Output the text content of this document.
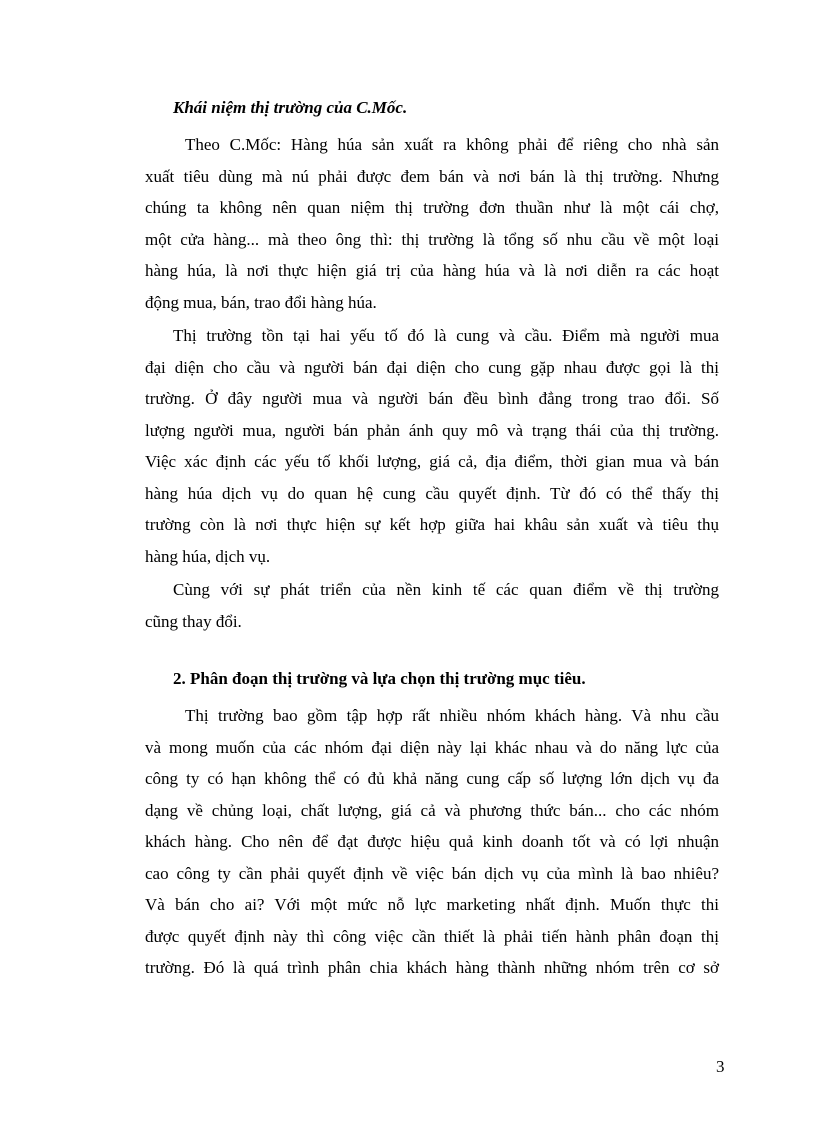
Khái niệm thị trường của C.Mốc.

Theo C.Mốc: Hàng húa sản xuất ra không phải để riêng cho nhà sản
xuất tiêu dùng mà nú phải được đem bán và nơi bán là thị trường. Nhưng
chúng ta không nên quan niệm thị trường đơn thuần như là một cái chợ,
một cửa hàng... mà theo ông thì: thị trường là tổng số nhu cầu về một loại
hàng húa, là nơi thực hiện giá trị của hàng húa và là nơi diễn ra các hoạt
động mua, bán, trao đổi hàng húa.

Thị trường tồn tại hai yếu tố đó là cung và cầu. Điểm mà người mua
đại diện cho cầu và người bán đại diện cho cung gặp nhau được gọi là thị
trường. Ở đây người mua và người bán đều bình đẳng trong trao đổi. Số
lượng người mua, người bán phản ánh quy mô và trạng thái của thị trường.
Việc xác định các yếu tố khối lượng, giá cả, địa điểm, thời gian mua và bán
hàng húa dịch vụ do quan hệ cung cầu quyết định. Từ đó có thể thấy thị
trường còn là nơi thực hiện sự kết hợp giữa hai khâu sản xuất và tiêu thụ
hàng húa, dịch vụ.

Cùng với sự phát triển của nền kinh tế các quan điểm về thị trường
cũng thay đổi.

2. Phân đoạn thị trường và lựa chọn thị trường mục tiêu.

Thị trường bao gồm tập hợp rất nhiều nhóm khách hàng. Và nhu cầu
và mong muốn của các nhóm đại diện này lại khác nhau và do năng lực của
công ty có hạn không thể có đủ khả năng cung cấp số lượng lớn dịch vụ đa
dạng về chủng loại, chất lượng, giá cả và phương thức bán... cho các nhóm
khách hàng. Cho nên để đạt được hiệu quả kinh doanh tốt và có lợi nhuận
cao công ty cần phải quyết định về việc bán dịch vụ của mình là bao nhiêu?
Và bán cho ai? Với một mức nỗ lực marketing nhất định. Muốn thực thi
được quyết định này thì công việc cần thiết là phải tiến hành phân đoạn thị
trường. Đó là quá trình phân chia khách hàng thành những nhóm trên cơ sở

3
